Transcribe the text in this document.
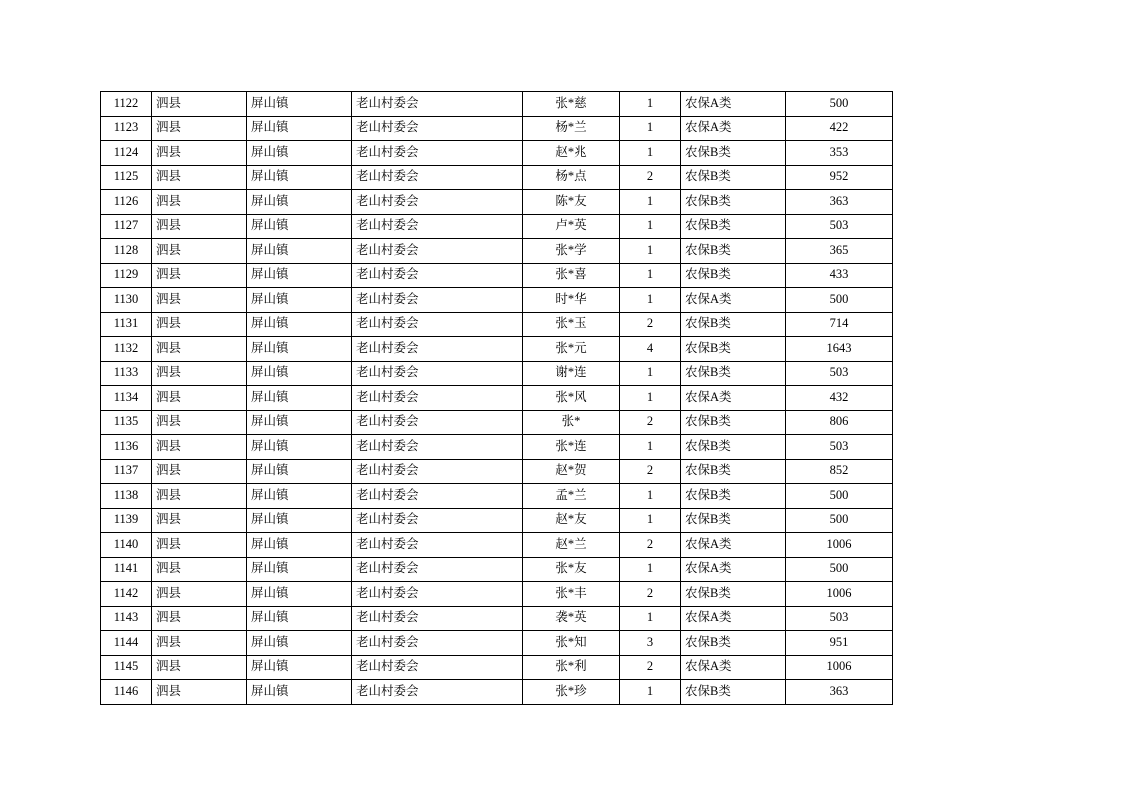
1122	泗县	屏山镇	老山村委会	张*慈	1	农保A类	500
1123	泗县	屏山镇	老山村委会	杨*兰	1	农保A类	422
1124	泗县	屏山镇	老山村委会	赵*兆	1	农保B类	353
1125	泗县	屏山镇	老山村委会	杨*点	2	农保B类	952
1126	泗县	屏山镇	老山村委会	陈*友	1	农保B类	363
1127	泗县	屏山镇	老山村委会	卢*英	1	农保B类	503
1128	泗县	屏山镇	老山村委会	张*学	1	农保B类	365
1129	泗县	屏山镇	老山村委会	张*喜	1	农保B类	433
1130	泗县	屏山镇	老山村委会	时*华	1	农保A类	500
1131	泗县	屏山镇	老山村委会	张*玉	2	农保B类	714
1132	泗县	屏山镇	老山村委会	张*元	4	农保B类	1643
1133	泗县	屏山镇	老山村委会	谢*连	1	农保B类	503
1134	泗县	屏山镇	老山村委会	张*风	1	农保A类	432
1135	泗县	屏山镇	老山村委会	张*	2	农保B类	806
1136	泗县	屏山镇	老山村委会	张*连	1	农保B类	503
1137	泗县	屏山镇	老山村委会	赵*贺	2	农保B类	852
1138	泗县	屏山镇	老山村委会	孟*兰	1	农保B类	500
1139	泗县	屏山镇	老山村委会	赵*友	1	农保B类	500
1140	泗县	屏山镇	老山村委会	赵*兰	2	农保A类	1006
1141	泗县	屏山镇	老山村委会	张*友	1	农保A类	500
1142	泗县	屏山镇	老山村委会	张*丰	2	农保B类	1006
1143	泗县	屏山镇	老山村委会	袭*英	1	农保A类	503
1144	泗县	屏山镇	老山村委会	张*知	3	农保B类	951
1145	泗县	屏山镇	老山村委会	张*利	2	农保A类	1006
1146	泗县	屏山镇	老山村委会	张*珍	1	农保B类	363
